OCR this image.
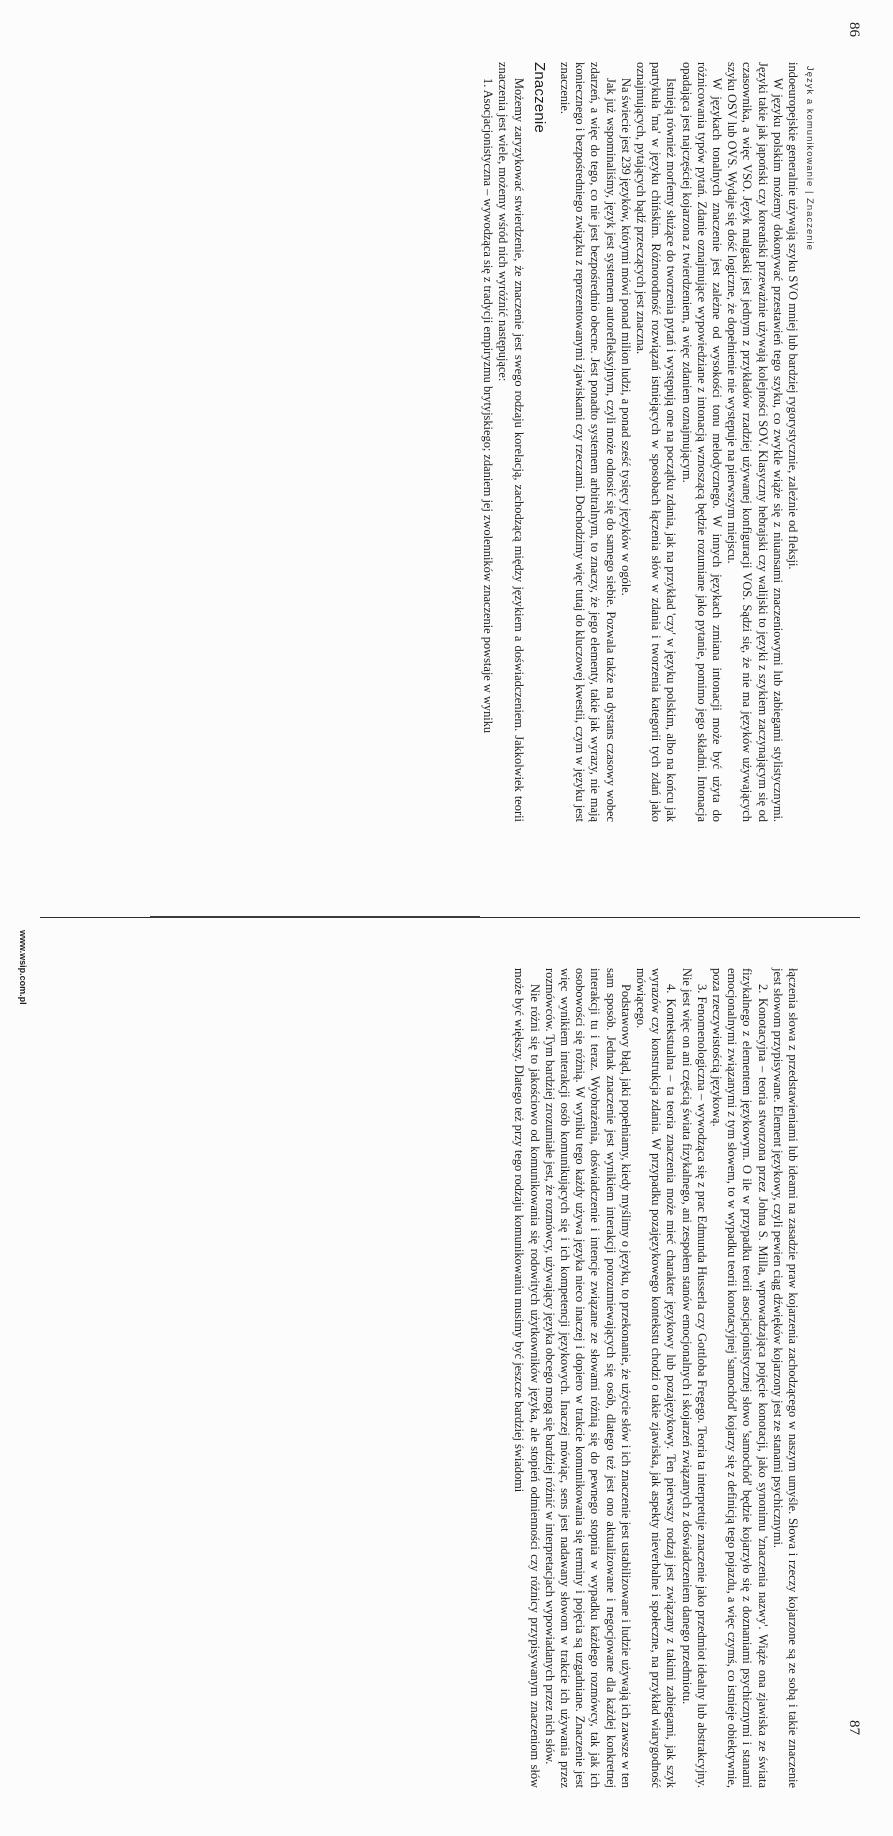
86
Język a komunikowanie | Znaczenie

indoeuropejskie generalnie używają szyku SVO mniej lub bardziej rygorystycznie, zależnie od fleksji.

W języku polskim możemy dokonywać przestawień tego szyku, co zwykle wiąże się z niuansami znaczeniowymi lub zabiegami stylistycznymi. Języki takie jak japoński czy koreański przeważnie używają kolejności SOV. Klasyczny hebrajski czy walijski to języki z szykiem zaczynającym się od czasownika, a więc VSO. Język malgaski jest jednym z przykładów rzadziej używanej konfiguracji VOS. Sądzi się, że nie ma języków używających szyku OSV lub OVS. Wydaje się dość logiczne, że dopełnienie nie występuje na pierwszym miejscu.

W językach tonalnych znaczenie jest zależne od wysokości tonu melodycznego. W innych językach zmiana intonacji może być użyta do różnicowania typów pytań. Zdanie oznajmujące wypowiedziane z intonacją wznoszącą będzie rozumiane jako pytanie, pomimo jego składni. Intonacja opadająca jest najczęściej kojarzona z twierdzeniem, a więc zdaniem oznajmującym.

Istnieją również morfemy służące do tworzenia pytań i występują one na początku zdania, jak na przykład 'czy' w języku polskim, albo na końcu jak partykuła 'ma' w języku chińskim. Różnorodność rozwiązań istniejących w sposobach łączenia słów w zdania i tworzenia kategorii tych zdań jako oznajmujących, pytających bądź przeczących jest znaczna.

Na świecie jest 239 języków, którymi mówi ponad milion ludzi, a ponad sześć tysięcy języków w ogóle.

Jak już wspominaliśmy, język jest systemem autorefleksyjnym, czyli może odnosić się do samego siebie. Pozwala także na dystans czasowy wobec zdarzeń, a więc do tego, co nie jest bezpośrednio obecne. Jest ponadto systemem arbitralnym, to znaczy, że jego elementy, takie jak wyrazy, nie mają koniecznego i bezpośredniego związku z reprezentowanymi zjawiskami czy rzeczami. Dochodzimy więc tutaj do kluczowej kwestii, czym w języku jest znaczenie.

Znaczenie

Możemy zaryzykować stwierdzenie, że znaczenie jest swego rodzaju korelacją, zachodzącą między językiem a doświadczeniem. Jakkolwiek teorii znaczenia jest wiele, możemy wśród nich wyróżnić następujące:

1. Asocjacjonistyczna – wywodząca się z tradycji empiryzmu brytyjskiego; zdaniem jej zwolenników znaczenie powstaje w wyniku

87
www.wsip.com.pl

łączenia słowa z przedstawieniami lub ideami na zasadzie praw kojarzenia zachodzącego w naszym umyśle. Słowa i rzeczy kojarzone są ze sobą i takie znaczenie jest słowom przypisywane. Element językowy, czyli pewien ciąg dźwięków kojarzony jest ze stanami psychicznymi.

2. Konotacyjna – teoria stworzona przez Johna S. Milla, wprowadzająca pojęcie konotacji, jako synonimu 'znaczenia nazwy'. Wiąże ona zjawiska ze świata fizykalnego z elementem językowym. O ile w przypadku teorii asocjacjonistycznej słowo 'samochód' będzie kojarzyło się z doznaniami psychicznymi i stanami emocjonalnymi związanymi z tym słowem, to w wypadku teorii konotacyjnej 'samochód' kojarzy się z definicją tego pojazdu, a więc czymś, co istnieje obiektywnie, poza rzeczywistością językową.

3. Fenomenologiczna – wywodząca się z prac Edmunda Husserla czy Gottloba Fregego. Teoria ta interpretuje znaczenie jako przedmiot idealny lub abstrakcyjny. Nie jest więc on ani częścią świata fizykalnego, ani zespołem stanów emocjonalnych i skojarzeń związanych z doświadczeniem danego przedmiotu.

4. Kontekstualna – ta teoria znaczenia może mieć charakter językowy lub pozajęzykowy. Ten pierwszy rodzaj jest związany z takimi zabiegami, jak szyk wyrazów czy konstrukcja zdania. W przypadku pozajęzykowego kontekstu chodzi o takie zjawiska, jak aspekty nieverbalne i społeczne, na przykład wiarygodność mówiącego.

Podstawowy błąd, jaki popełniamy, kiedy myślimy o języku, to przekonanie, że użycie słów i ich znaczenie jest ustabilizowane i ludzie używają ich zawsze w ten sam sposób. Jednak znaczenie jest wynikiem interakcji porozumiewających się osób, dlatego też jest ono aktualizowane i negocjowane dla każdej konkretnej interakcji tu i teraz. Wyobrażenia, doświadczenie i intencje związane ze słowami różnią się do pewnego stopnia w wypadku każdego rozmówcy, tak jak ich osobowości się różnią. W wyniku tego każdy używa języka nieco inaczej i dopiero w trakcie komunikowania się terminy i pojęcia są uzgadniane. Znaczenie jest więc wynikiem interakcji osób komunikujących się i ich kompetencji językowych. Inaczej mówiąc, sens jest nadawany słowom w trakcie ich używania przez rozmówców. Tym bardziej zrozumiałe jest, że rozmówcy, używający języka obcego mogą się bardziej różnić w interpretacjach wypowiadanych przez nich słów.

Nie różni się to jakościowo od komunikowania się rodowitych użytkowników języka, ale stopień odmienności czy różnicy przypisywanym znaczeniom słów może być większy. Dlatego też przy tego rodzaju komunikowaniu musimy być jeszcze bardziej świadomi
